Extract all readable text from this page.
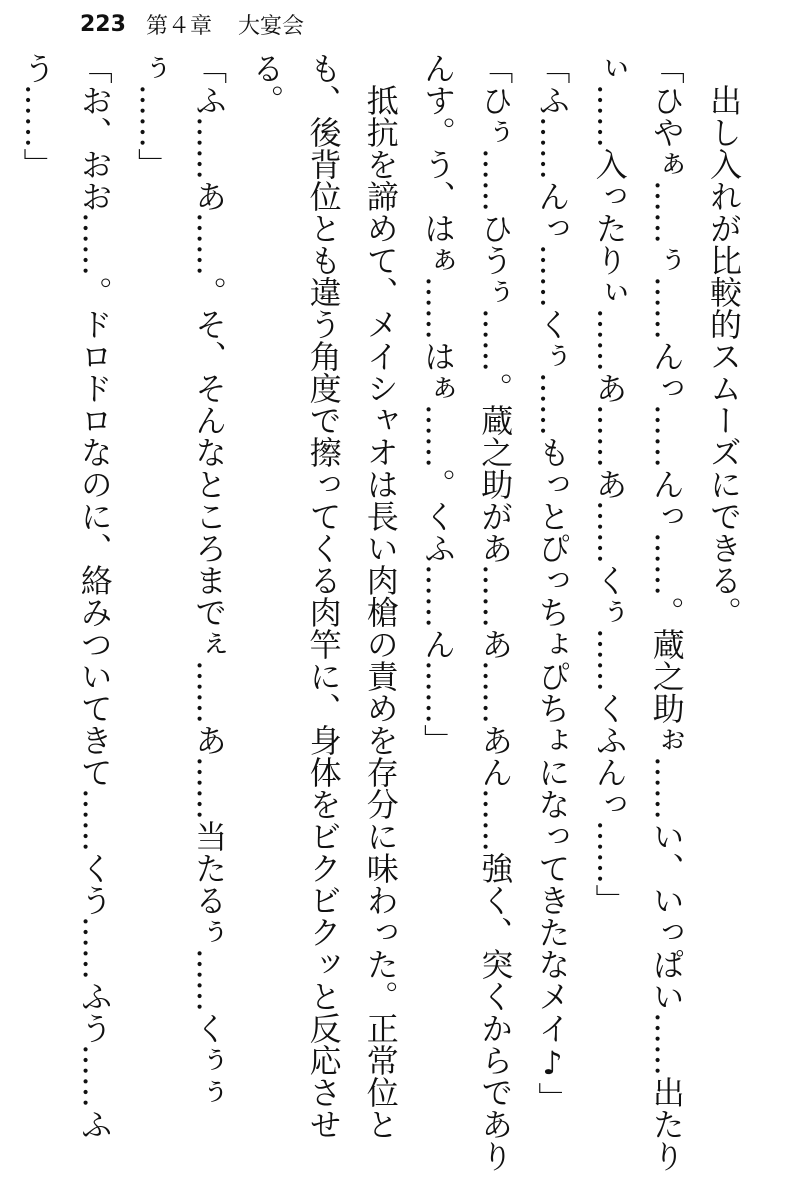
223 第４章 大宴会

出し入れが比較的スムーズにできる。

「ひやぁ……ぅ……んっ……んっ……。蔵之助ぉ……い、いっぱい……出たりぃ……入ったりぃ……あ……あ……くぅ……くふんっ……」

「ふ……んっ……くぅ……もっとぴっちょぴちょになってきたなメイ♪」

「ひぅ……ひうぅ……。蔵之助があ……あ……あん……強く、突くからでありんす。う、はぁ……はぁ……。くふ……ん……」

抵抗を諦めて、メイシャオは長い肉槍の責めを存分に味わった。正常位とも、後背位とも違う角度で擦ってくる肉竿に、身体をビクビクッと反応させる。

「ふ……あ……。そ、そんなところまでぇ……あ……当たるぅ……くぅぅぅ……」

「お、おお……。ドロドロなのに、絡みついてきて……くう……ふう……ふう……」
